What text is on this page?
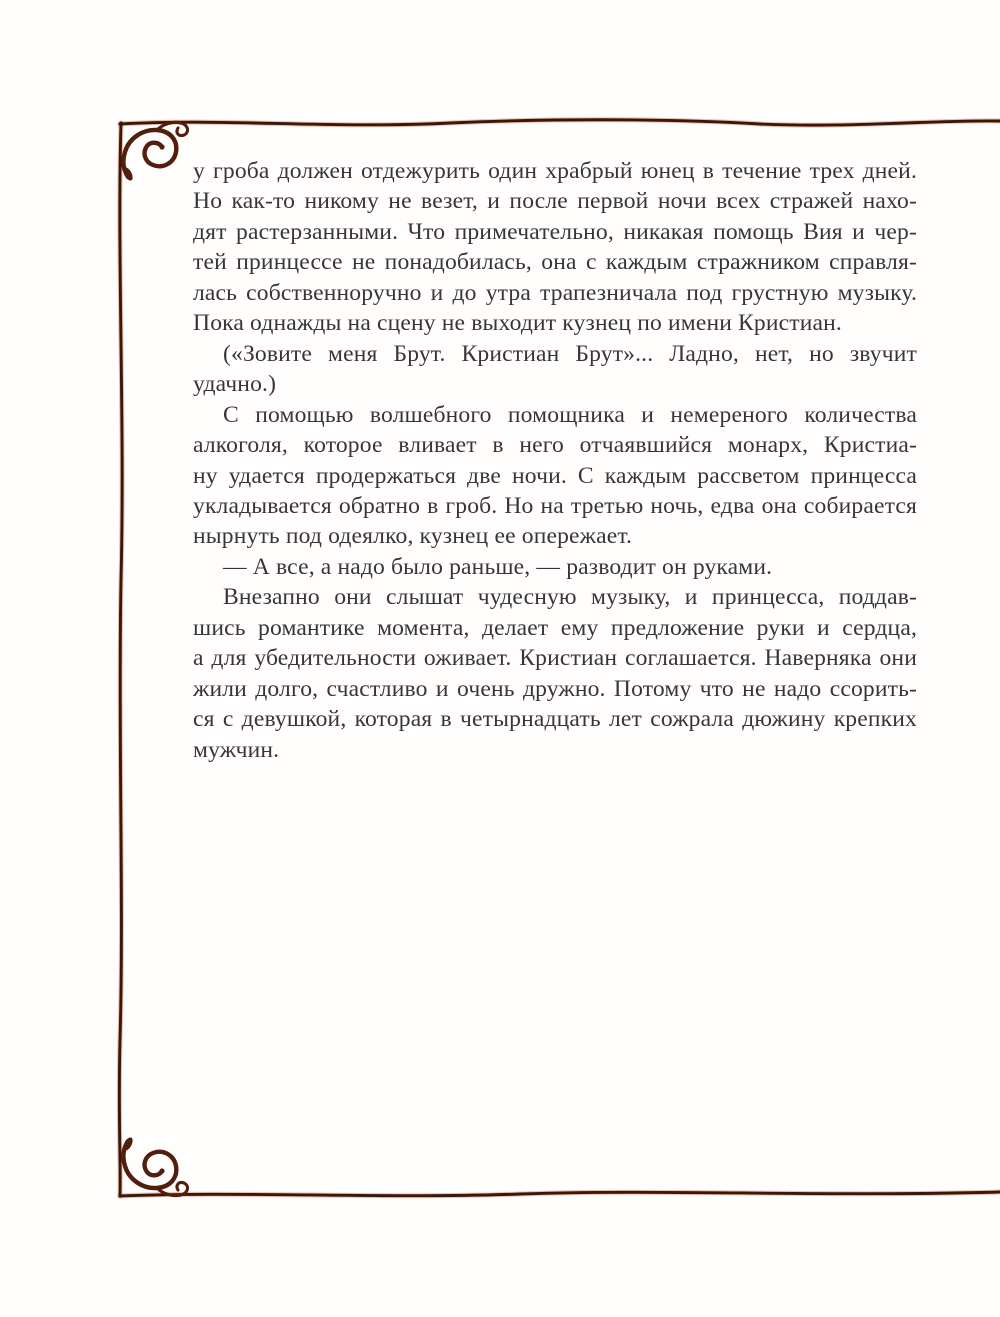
у гроба должен отдежурить один храбрый юнец в течение трех дней.
Но как-то никому не везет, и после первой ночи всех стражей нахо-
дят растерзанными. Что примечательно, никакая помощь Вия и чер-
тей принцессе не понадобилась, она с каждым стражником справля-
лась собственноручно и до утра трапезничала под грустную музыку.
Пока однажды на сцену не выходит кузнец по имени Кристиан.
(«Зовите меня Брут. Кристиан Брут»... Ладно, нет, но звучит
удачно.)
С помощью волшебного помощника и немереного количества
алкоголя, которое вливает в него отчаявшийся монарх, Кристиа-
ну удается продержаться две ночи. С каждым рассветом принцесса
укладывается обратно в гроб. Но на третью ночь, едва она собирается
нырнуть под одеялко, кузнец ее опережает.
— А все, а надо было раньше, — разводит он руками.
Внезапно они слышат чудесную музыку, и принцесса, поддав-
шись романтике момента, делает ему предложение руки и сердца,
а для убедительности оживает. Кристиан соглашается. Наверняка они
жили долго, счастливо и очень дружно. Потому что не надо ссорить-
ся с девушкой, которая в четырнадцать лет сожрала дюжину крепких
мужчин.
